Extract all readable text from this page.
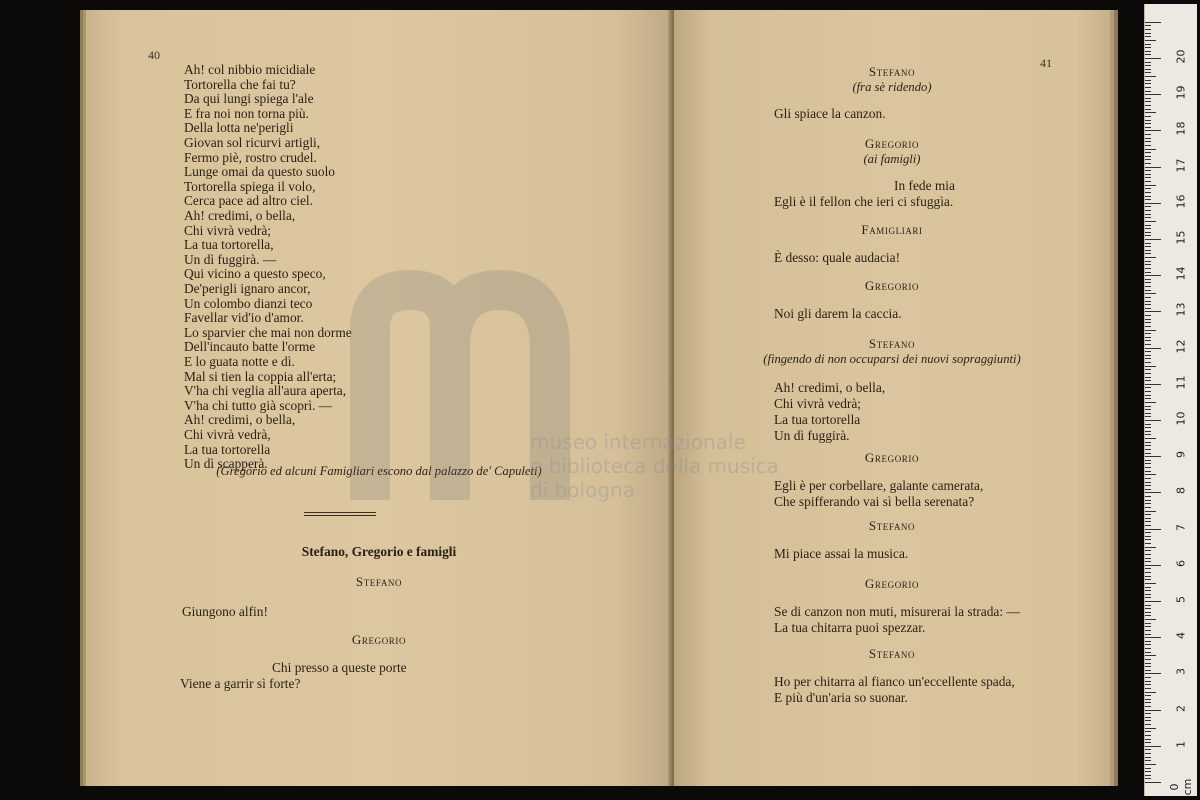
40
Ah! col nibbio micidiale
Tortorella che fai tu?
Da qui lungi spiega l'ale
E fra noi non torna più.
Della lotta ne'perigli
Giovan sol ricurvi artigli,
Fermo piè, rostro crudel.
Lunge omai da questo suolo
Tortorella spiega il volo,
Cerca pace ad altro ciel.
Ah! credimi, o bella,
Chi vivrà vedrà;
La tua tortorella,
Un dì fuggirà. —
Qui vicino a questo speco,
De'perigli ignaro ancor,
Un colombo dianzi teco
Favellar vid'io d'amor.
Lo sparvier che mai non dorme
Dell'incauto batte l'orme
E lo guata notte e dì.
Mal si tien la coppia all'erta;
V'ha chi veglia all'aura aperta,
V'ha chi tutto già scoprì. —
Ah! credimi, o bella,
Chi vivrà vedrà,
La tua tortorella
Un dì scapperà.
(Gregorio ed alcuni Famigliari escono dal palazzo de' Capuleti)
Stefano, Gregorio e famigli
Stefano
Giungono alfin!
Gregorio
Chi presso a queste porte
Viene a garrir sì forte?
41
Stefano
(fra sè ridendo)
Gli spiace la canzon.
Gregorio
(ai famigli)
In fede mia
Egli è il fellon che ieri ci sfuggìa.
Famigliari
È desso: quale audacia!
Gregorio
Noi gli darem la caccia.
Stefano
(fingendo di non occuparsi dei nuovi sopraggiunti)
Ah! credimi, o bella,
Chi vivrà vedrà;
La tua tortorella
Un dì fuggirà.
Gregorio
Egli è per corbellare, galante camerata,
Che spifferando vai sì bella serenata?
Stefano
Mi piace assai la musica.
Gregorio
Se di canzon non muti, misurerai la strada: —
La tua chitarra puoi spezzar.
Stefano
Ho per chitarra al fianco un'eccellente spada,
E più d'un'aria so suonar.
museo internazionale
e biblioteca della musica
di bologna
0 cm
1
2
3
4
5
6
7
8
9
10
11
12
13
14
15
16
17
18
19
20
